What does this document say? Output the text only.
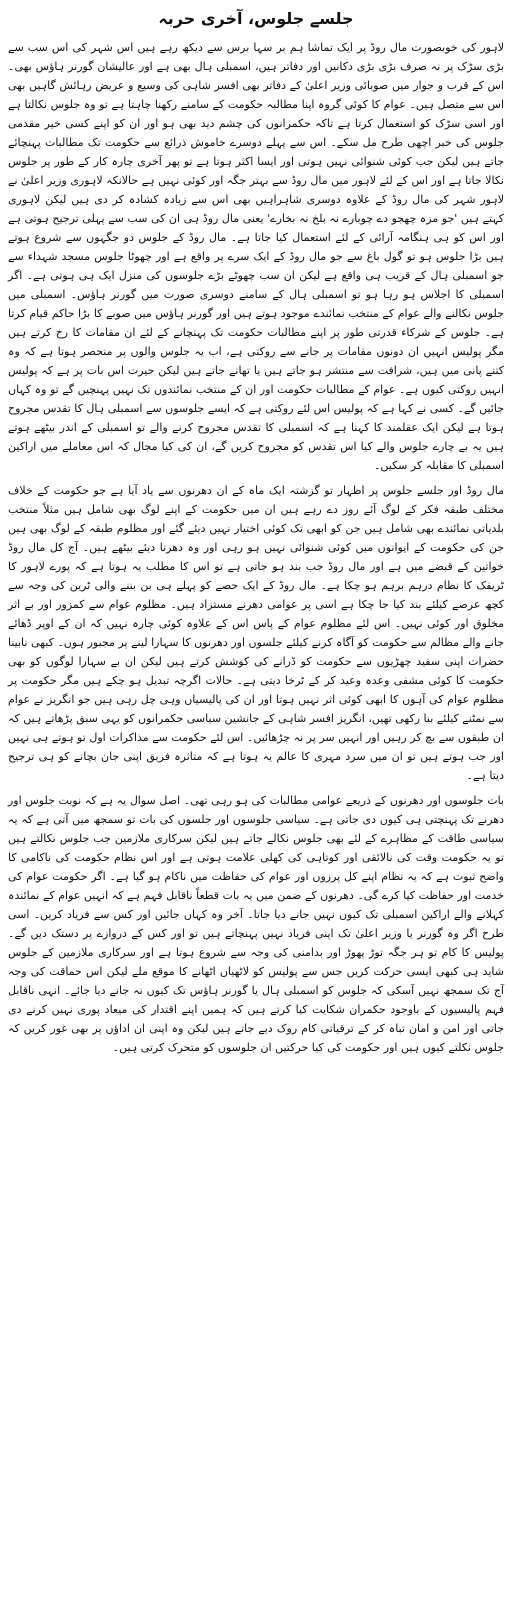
جلسے جلوس، آخری حربہ

لاہور کی خوبصورت مال روڈ پر ایک تماشا ہم بر سہا برس سے دیکھ رہے ہیں اس شہر کی اس سب سے بڑی سڑک پر نہ صرف بڑی بڑی دکانیں اور دفاتر ہیں، اسمبلی ہال بھی ہے اور عالیشان گورنر ہاؤس بھی۔ اس کے قرب و جوار میں صوبائی وزیر اعلیٰ کے دفاتر بھی افسر شاہی کی وسیع و عریض رہائش گاہیں بھی اس سے متصل ہیں۔ عوام کا کوئی گروہ اپنا مطالبہ حکومت کے سامنے رکھنا چاہتا ہے تو وہ جلوس نکالتا ہے اور اسی سڑک کو استعمال کرتا ہے تاکہ حکمرانوں کی چشم دید بھی ہو اور ان کو اپنے کسی خیر مقدمی جلوس کی خبر اچھی طرح مل سکے۔ اس سے پہلے دوسرے خاموش ذرائع سے حکومت تک مطالبات پہنچائے جاتے ہیں لیکن جب کوئی شنوائی نہیں ہوتی اور ایسا اکثر ہوتا ہے تو پھر آخری چارہ کار کے طور پر جلوس نکالا جاتا ہے اور اس کے لئے لاہور میں مال روڈ سے بہتر جگہ اور کوئی نہیں ہے حالانکہ لاہوری وزیر اعلیٰ نے لاہور شہر کی مال روڈ کے علاوہ دوسری شاہراہیں بھی اس سے زیادہ کشادہ کر دی ہیں لیکن لاہوری کہتے ہیں 'جو مزہ چھجو دے چوبارے نہ بلخ نہ بخارے' یعنی مال روڈ ہی ان کی سب سے پہلی ترجیح ہوتی ہے اور اس کو ہی ہنگامہ آرائی کے لئے استعمال کیا جاتا ہے۔ مال روڈ کے جلوس دو جگہوں سے شروع ہوتے ہیں بڑا جلوس ہو تو گول باغ سے جو مال روڈ کے ایک سرے پر واقع ہے اور چھوٹا جلوس مسجد شہداء سے جو اسمبلی ہال کے قریب ہی واقع ہے لیکن ان سب چھوٹے بڑے جلوسوں کی منزل ایک ہی ہوتی ہے۔ اگر اسمبلی کا اجلاس ہو رہا ہو تو اسمبلی ہال کے سامنے دوسری صورت میں گورنر ہاؤس۔ اسمبلی میں جلوس نکالنے والے عوام کے منتخب نمائندے موجود ہوتے ہیں اور گورنر ہاؤس میں صوبے کا بڑا حاکم قیام کرتا ہے۔ جلوس کے شرکاء قدرتی طور پر اپنے مطالبات حکومت تک پہنچانے کے لئے ان مقامات کا رخ کرتے ہیں مگر پولیس انہیں ان دونوں مقامات پر جانے سے روکتی ہے، اب یہ جلوس والوں پر منحصر ہوتا ہے کہ وہ کتنے پانی میں ہیں، شرافت سے منتشر ہو جاتے ہیں یا تھانے جاتے ہیں لیکن حیرت اس بات پر ہے کہ پولیس انہیں روکتی کیوں ہے۔ عوام کے مطالبات حکومت اور ان کے منتخب نمائندوں تک نہیں پہنچیں گے تو وہ کہاں جائیں گے۔ کسی نے کہا ہے کہ پولیس اس لئے روکتی ہے کہ ایسے جلوسوں سے اسمبلی ہال کا تقدس مجروح ہوتا ہے لیکن ایک عقلمند کا کہنا ہے کہ اسمبلی کا تقدس مجروح کرنے والے تو اسمبلی کے اندر بیٹھے ہوتے ہیں یہ بے چارے جلوس والے کیا اس تقدس کو مجروح کریں گے، ان کی کیا مجال کہ اس معاملے میں اراکین اسمبلی کا مقابلہ کر سکیں۔

مال روڈ اور جلسے جلوس پر اظہار تو گزشتہ ایک ماہ کے ان دھرنوں سے یاد آیا ہے جو حکومت کے خلاف مختلف طبقہ فکر کے لوگ آئے روز دے رہے ہیں ان میں حکومت کے اپنے لوگ بھی شامل ہیں مثلاً منتخب بلدیاتی نمائندے بھی شامل ہیں جن کو ابھی تک کوئی اختیار نہیں دیئے گئے اور مظلوم طبقہ کے لوگ بھی ہیں جن کی حکومت کے ایوانوں میں کوئی شنوائی نہیں ہو رہی اور وہ دھرنا دیئے بیٹھے ہیں۔ آج کل مال روڈ خواتین کے قبضے میں ہے اور مال روڈ جب بند ہو جاتی ہے تو اس کا مطلب یہ ہوتا ہے کہ پورے لاہور کا ٹریفک کا نظام درہم برہم ہو چکا ہے۔ مال روڈ کے ایک حصے کو پہلے ہی بن بننے والی ٹرین کی وجہ سے کچھ عرصے کیلئے بند کیا جا چکا ہے اسی پر عوامی دھرنے مستزاد ہیں۔ مظلوم عوام سے کمزور اور بے اثر مخلوق اور کوئی نہیں۔ اس لئے مظلوم عوام کے پاس اس کے علاوہ کوئی چارہ نہیں کہ ان کے اوپر ڈھائے جانے والے مظالم سے حکومت کو آگاہ کرنے کیلئے جلسوں اور دھرنوں کا سہارا لینے پر مجبور ہوں۔ کبھی نابینا حضرات اپنی سفید چھڑیوں سے حکومت کو ڈرانے کی کوشش کرتے ہیں لیکن ان بے سہارا لوگوں کو بھی حکومت کا کوئی مشفی وعدہ وعید کر کے ٹرخا دیتی ہے۔ حالات اگرچہ تبدیل ہو چکے ہیں مگر حکومت پر مظلوم عوام کی آہوں کا ابھی کوئی اثر نہیں ہوتا اور ان کی پالیسیاں وہی چل رہی ہیں جو انگریز نے عوام سے نمٹنے کیلئے بنا رکھی تھیں، انگریز افسر شاہی کے جانشین سیاسی حکمرانوں کو یہی سبق پڑھاتے ہیں کہ ان طبقوں سے بچ کر رہیں اور انہیں سر پر نہ چڑھائیں۔ اس لئے حکومت سے مذاکرات اول تو ہوتے ہی نہیں اور جب ہوتے ہیں تو ان میں سرد مہری کا عالم یہ ہوتا ہے کہ متاثرہ فریق اپنی جان بچانے کو ہی ترجیح دیتا ہے۔

بات جلوسوں اور دھرنوں کے ذریعے عوامی مطالبات کی ہو رہی تھی۔ اصل سوال یہ ہے کہ نوبت جلوس اور دھرنے تک پہنچتی ہی کیوں دی جاتی ہے۔ سیاسی جلوسوں اور جلسوں کی بات تو سمجھ میں آتی ہے کہ یہ سیاسی طاقت کے مظاہرے کے لئے بھی جلوس نکالے جاتے ہیں لیکن سرکاری ملازمین جب جلوس نکالتے ہیں تو یہ حکومت وقت کی نالائقی اور کوتاہی کی کھلی علامت ہوتی ہے اور اس نظام حکومت کی ناکامی کا واضح ثبوت ہے کہ یہ نظام اپنے کل پرزوں اور عوام کی حفاظت میں ناکام ہو گیا ہے۔ اگر حکومت عوام کی خدمت اور حفاظت کیا کرے گی۔ دھرنوں کے ضمن میں یہ بات قطعاً ناقابل فہم ہے کہ انہیں عوام کے نمائندہ کہلانے والے اراکین اسمبلی تک کیوں نہیں جانے دیا جاتا۔ آخر وہ کہاں جائیں اور کس سے فریاد کریں۔ اسی طرح اگر وہ گورنر یا وزیر اعلیٰ تک اپنی فریاد نہیں پہنچاتے ہیں تو اور کس کے دروازے پر دستک دیں گے۔ پولیس کا کام تو ہر جگہ توڑ پھوڑ اور بدامنی کی وجہ سے شروع ہوتا ہے اور سرکاری ملازمین کے جلوس شاید ہی کبھی ایسی حرکت کریں جس سے پولیس کو لاٹھیاں اٹھانے کا موقع ملے لیکن اس حماقت کی وجہ آج تک سمجھ نہیں آسکی کہ جلوس کو اسمبلی ہال یا گورنر ہاؤس تک کیوں نہ جانے دیا جائے۔ انہی ناقابل فہم پالیسیوں کے باوجود حکمران شکایت کیا کرتے ہیں کہ ہمیں اپنے اقتدار کی میعاد پوری نہیں کرنے دی جاتی اور امن و امان تباہ کر کے ترقیاتی کام روک دیے جاتے ہیں لیکن وہ اپنی ان اداؤں پر بھی غور کریں کہ جلوس نکلتے کیوں ہیں اور حکومت کی کیا حرکتیں ان جلوسوں کو متحرک کرتی ہیں۔
